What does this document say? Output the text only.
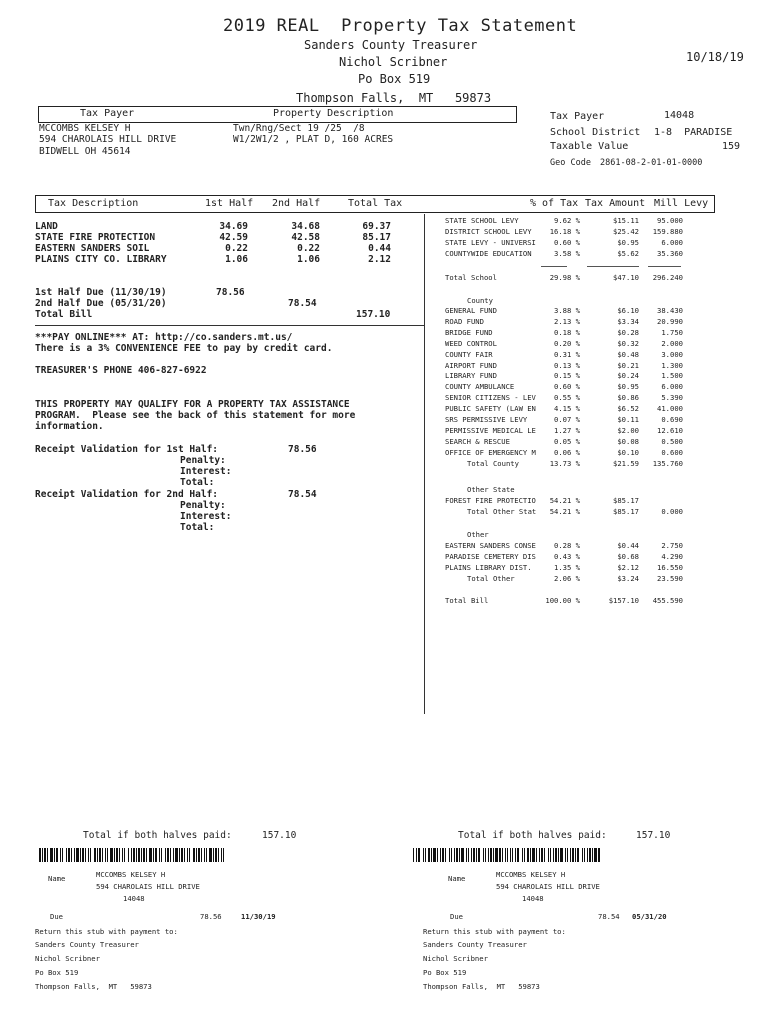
2019 REAL  Property Tax Statement
Sanders County Treasurer
Nichol Scribner
Po Box 519
Thompson Falls,  MT   59873
10/18/19
Tax Payer	Property Description
MCCOMBS KELSEY H
594 CHAROLAIS HILL DRIVE
BIDWELL OH 45614
Twn/Rng/Sect 19 /25  /8
W1/2W1/2 , PLAT D, 160 ACRES
Tax Payer	14048
School District 1-8  PARADISE
Taxable Value	159
Geo Code 2861-08-2-01-01-0000
Tax Description	1st Half 2nd Half	Total Tax	% of Tax Tax Amount Mill Levy
LAND	34.69	34.68	69.37
STATE FIRE PROTECTION	42.59	42.58	85.17
EASTERN SANDERS SOIL	0.22	0.22	0.44
PLAINS CITY CO. LIBRARY	1.06	1.06	2.12
1st Half Due (11/30/19)	78.56
2nd Half Due (05/31/20)	78.54
Total Bill	157.10
***PAY ONLINE*** AT: http://co.sanders.mt.us/
There is a 3% CONVENIENCE FEE to pay by credit card.
TREASURER'S PHONE 406-827-6922
THIS PROPERTY MAY QUALIFY FOR A PROPERTY TAX ASSISTANCE
PROGRAM.  Please see the back of this statement for more
information.
Receipt Validation for 1st Half:	78.56
Penalty:
Interest:
Total:
Receipt Validation for 2nd Half:	78.54
Penalty:
Interest:
Total:
STATE SCHOOL LEVY	9.62 %	$15.11	95.000
DISTRICT SCHOOL LEVY	16.18 %	$25.42	159.880
STATE LEVY - UNIVERSI	0.60 %	$0.95	6.000
COUNTYWIDE EDUCATION	3.58 %	$5.62	35.360
Total School	29.98 %	$47.10	296.240
County
GENERAL FUND	3.88 %	$6.10	38.430
ROAD FUND	2.13 %	$3.34	20.990
BRIDGE FUND	0.18 %	$0.28	1.750
WEED CONTROL	0.20 %	$0.32	2.000
COUNTY FAIR	0.31 %	$0.48	3.000
AIRPORT FUND	0.13 %	$0.21	1.300
LIBRARY FUND	0.15 %	$0.24	1.500
COUNTY AMBULANCE	0.60 %	$0.95	6.000
SENIOR CITIZENS - LEV	0.55 %	$0.86	5.390
PUBLIC SAFETY (LAW EN	4.15 %	$6.52	41.000
SRS PERMISSIVE LEVY	0.07 %	$0.11	0.690
PERMISSIVE MEDICAL LE	1.27 %	$2.00	12.610
SEARCH & RESCUE	0.05 %	$0.08	0.500
OFFICE OF EMERGENCY M	0.06 %	$0.10	0.600
Total County	13.73 %	$21.59	135.760
Other State
FOREST FIRE PROTECTIO	54.21 %	$85.17
Total Other Stat	54.21 %	$85.17	0.000
Other
EASTERN SANDERS CONSE	0.28 %	$0.44	2.750
PARADISE CEMETERY DIS	0.43 %	$0.68	4.290
PLAINS LIBRARY DIST.	1.35 %	$2.12	16.550
Total Other	2.06 %	$3.24	23.590
Total Bill	100.00 %	$157.10	455.590
Total if both halves paid:	157.10
Name	MCCOMBS KELSEY H
594 CHAROLAIS HILL DRIVE
14048
Due	78.56	11/30/19
Return this stub with payment to:
Sanders County Treasurer
Nichol Scribner
Po Box 519
Thompson Falls,  MT   59873
Total if both halves paid:	157.10
Name	MCCOMBS KELSEY H
594 CHAROLAIS HILL DRIVE
14048
Due	78.54 05/31/20
Return this stub with payment to:
Sanders County Treasurer
Nichol Scribner
Po Box 519
Thompson Falls,  MT   59873
